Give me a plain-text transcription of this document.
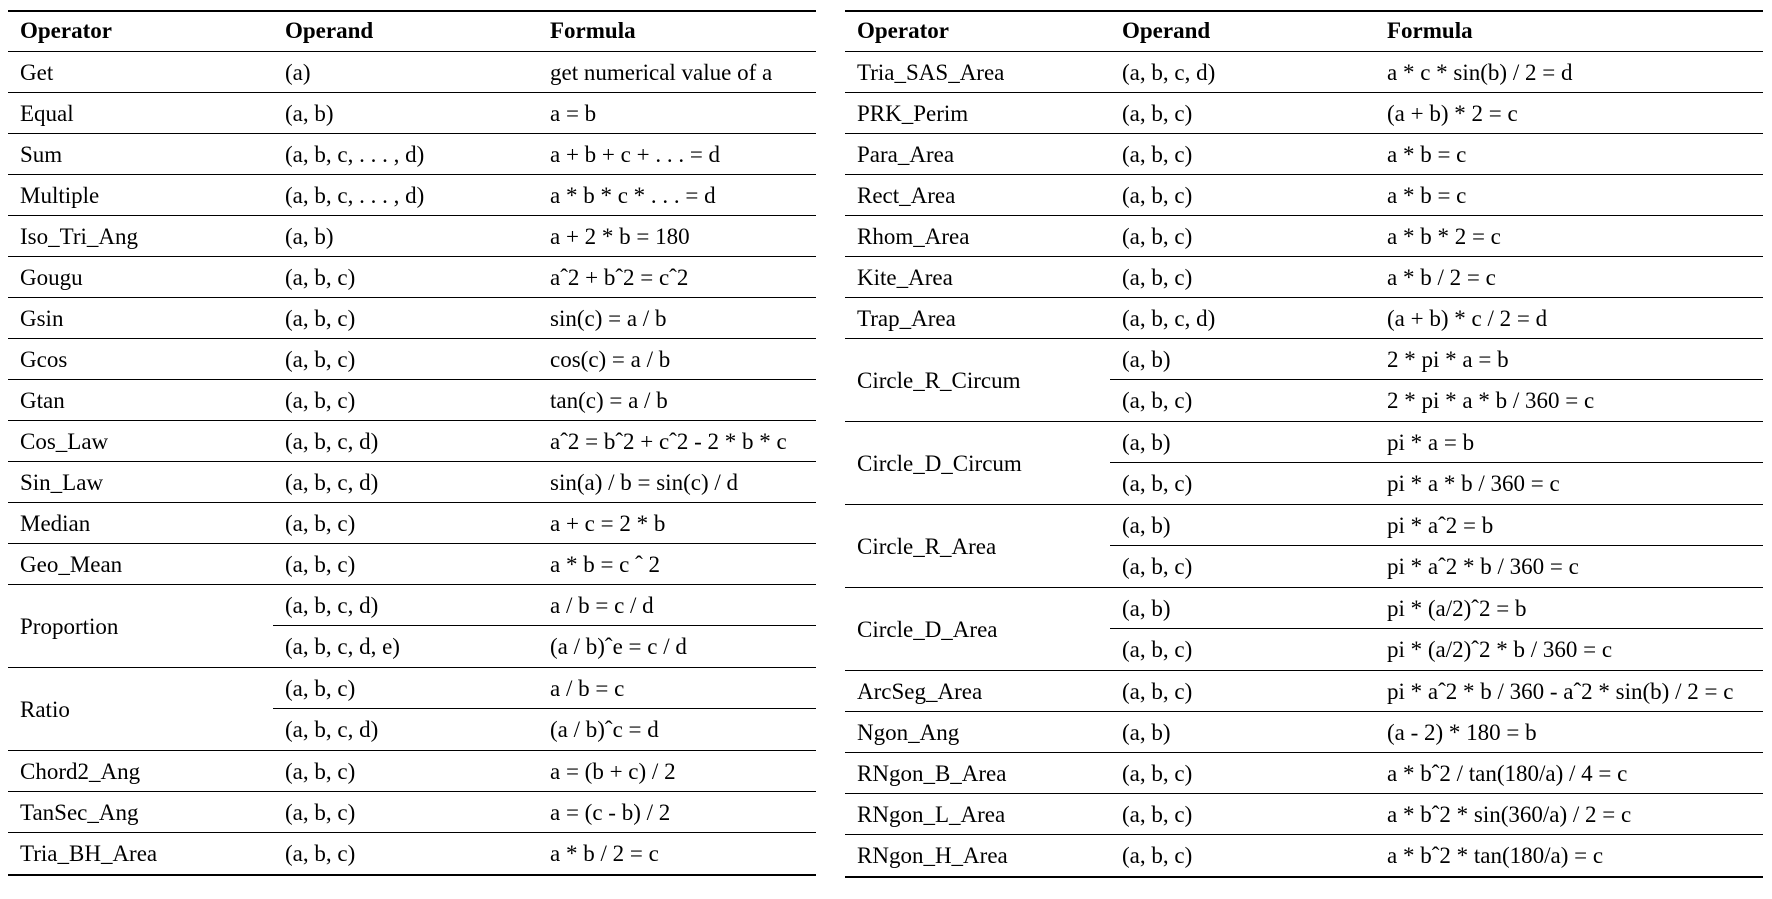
Operator	Operand	Formula
Get	(a)	get numerical value of a
Equal	(a, b)	a = b
Sum	(a, b, c, . . . , d)	a + b + c + . . . = d
Multiple	(a, b, c, . . . , d)	a * b * c * . . . = d
Iso_Tri_Ang	(a, b)	a + 2 * b = 180
Gougu	(a, b, c)	aˆ2 + bˆ2 = cˆ2
Gsin	(a, b, c)	sin(c) = a / b
Gcos	(a, b, c)	cos(c) = a / b
Gtan	(a, b, c)	tan(c) = a / b
Cos_Law	(a, b, c, d)	aˆ2 = bˆ2 + cˆ2 - 2 * b * c
Sin_Law	(a, b, c, d)	sin(a) / b = sin(c) / d
Median	(a, b, c)	a + c = 2 * b
Geo_Mean	(a, b, c)	a * b = c ˆ 2
Proportion
(a, b, c, d)	a / b = c / d
(a, b, c, d, e)	(a / b)ˆe = c / d
Ratio
(a, b, c)	a / b = c
(a, b, c, d)	(a / b)ˆc = d
Chord2_Ang	(a, b, c)	a = (b + c) / 2
TanSec_Ang	(a, b, c)	a = (c - b) / 2
Tria_BH_Area	(a, b, c)	a * b / 2 = c
Operator	Operand	Formula
Tria_SAS_Area	(a, b, c, d)	a * c * sin(b) / 2 = d
PRK_Perim	(a, b, c)	(a + b) * 2 = c
Para_Area	(a, b, c)	a * b = c
Rect_Area	(a, b, c)	a * b = c
Rhom_Area	(a, b, c)	a * b * 2 = c
Kite_Area	(a, b, c)	a * b / 2 = c
Trap_Area	(a, b, c, d)	(a + b) * c / 2 = d
Circle_R_Circum
(a, b)	2 * pi * a = b
(a, b, c)	2 * pi * a * b / 360 = c
Circle_D_Circum
(a, b)	pi * a = b
(a, b, c)	pi * a * b / 360 = c
Circle_R_Area
(a, b)	pi * aˆ2 = b
(a, b, c)	pi * aˆ2 * b / 360 = c
Circle_D_Area
(a, b)	pi * (a/2)ˆ2 = b
(a, b, c)	pi * (a/2)ˆ2 * b / 360 = c
ArcSeg_Area	(a, b, c)	pi * aˆ2 * b / 360 - aˆ2 * sin(b) / 2 = c
Ngon_Ang	(a, b)	(a - 2) * 180 = b
RNgon_B_Area	(a, b, c)	a * bˆ2 / tan(180/a) / 4 = c
RNgon_L_Area	(a, b, c)	a * bˆ2 * sin(360/a) / 2 = c
RNgon_H_Area	(a, b, c)	a * bˆ2 * tan(180/a) = c
